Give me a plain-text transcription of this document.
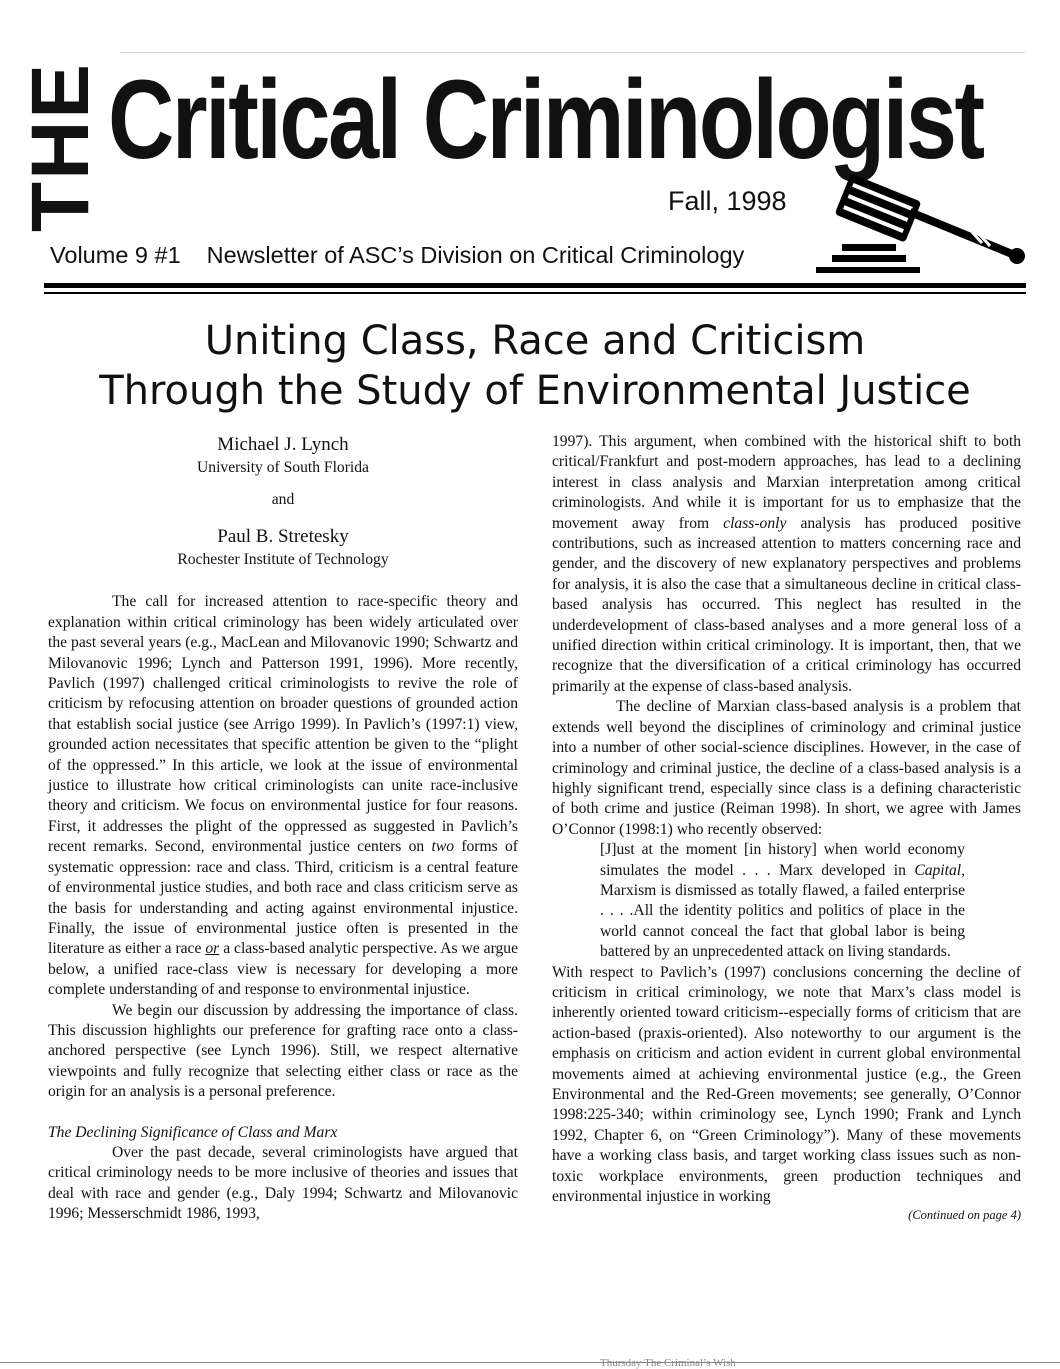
THE Critical Criminologist
Fall, 1998
Volume 9 #1 Newsletter of ASC’s Division on Critical Criminology
Uniting Class, Race and Criticism
Through the Study of Environmental Justice
Michael J. Lynch
University of South Florida
and
Paul B. Stretesky
Rochester Institute of Technology

The call for increased attention to race-specific theory and explanation within critical criminology has been widely articulated over the past several years (e.g., MacLean and Milovanovic 1990; Schwartz and Milovanovic 1996; Lynch and Patterson 1991, 1996). More recently, Pavlich (1997) challenged critical criminologists to revive the role of criticism by refocusing attention on broader questions of grounded action that establish social justice (see Arrigo 1999). In Pavlich’s (1997:1) view, grounded action necessitates that specific attention be given to the “plight of the oppressed.” In this article, we look at the issue of environmental justice to illustrate how critical criminologists can unite race-inclusive theory and criticism. We focus on environmental justice for four reasons. First, it addresses the plight of the oppressed as suggested in Pavlich’s recent remarks. Second, environmental justice centers on two forms of systematic oppression: race and class. Third, criticism is a central feature of environmental justice studies, and both race and class criticism serve as the basis for understanding and acting against environmental injustice. Finally, the issue of environmental justice often is presented in the literature as either a race or a class-based analytic perspective. As we argue below, a unified race-class view is necessary for developing a more complete understanding of and response to environmental injustice.

We begin our discussion by addressing the importance of class. This discussion highlights our preference for grafting race onto a class-anchored perspective (see Lynch 1996). Still, we respect alternative viewpoints and fully recognize that selecting either class or race as the origin for an analysis is a personal preference.

The Declining Significance of Class and Marx

Over the past decade, several criminologists have argued that critical criminology needs to be more inclusive of theories and issues that deal with race and gender (e.g., Daly 1994; Schwartz and Milovanovic 1996; Messerschmidt 1986, 1993,

1997). This argument, when combined with the historical shift to both critical/Frankfurt and post-modern approaches, has lead to a declining interest in class analysis and Marxian interpretation among critical criminologists. And while it is important for us to emphasize that the movement away from class-only analysis has produced positive contributions, such as increased attention to matters concerning race and gender, and the discovery of new explanatory perspectives and problems for analysis, it is also the case that a simultaneous decline in critical class-based analysis has occurred. This neglect has resulted in the underdevelopment of class-based analyses and a more general loss of a unified direction within critical criminology. It is important, then, that we recognize that the diversification of a critical criminology has occurred primarily at the expense of class-based analysis.

The decline of Marxian class-based analysis is a problem that extends well beyond the disciplines of criminology and criminal justice into a number of other social-science disciplines. However, in the case of criminology and criminal justice, the decline of a class-based analysis is a highly significant trend, especially since class is a defining characteristic of both crime and justice (Reiman 1998). In short, we agree with James O’Connor (1998:1) who recently observed:

[J]ust at the moment [in history] when world economy simulates the model . . . Marx developed in Capital, Marxism is dismissed as totally flawed, a failed enterprise . . . .All the identity politics and politics of place in the world cannot conceal the fact that global labor is being battered by an unprecedented attack on living standards.

With respect to Pavlich’s (1997) conclusions concerning the decline of criticism in critical criminology, we note that Marx’s class model is inherently oriented toward criticism--especially forms of criticism that are action-based (praxis-oriented). Also noteworthy to our argument is the emphasis on criticism and action evident in current global environmental movements aimed at achieving environmental justice (e.g., the Green Environmental and the Red-Green movements; see generally, O’Connor 1998:225-340; within criminology see, Lynch 1990; Frank and Lynch 1992, Chapter 6, on “Green Criminology”). Many of these movements have a working class basis, and target working class issues such as non-toxic workplace environments, green production techniques and environmental injustice in working

(Continued on page 4)

Thursday The Criminal’s Wish
